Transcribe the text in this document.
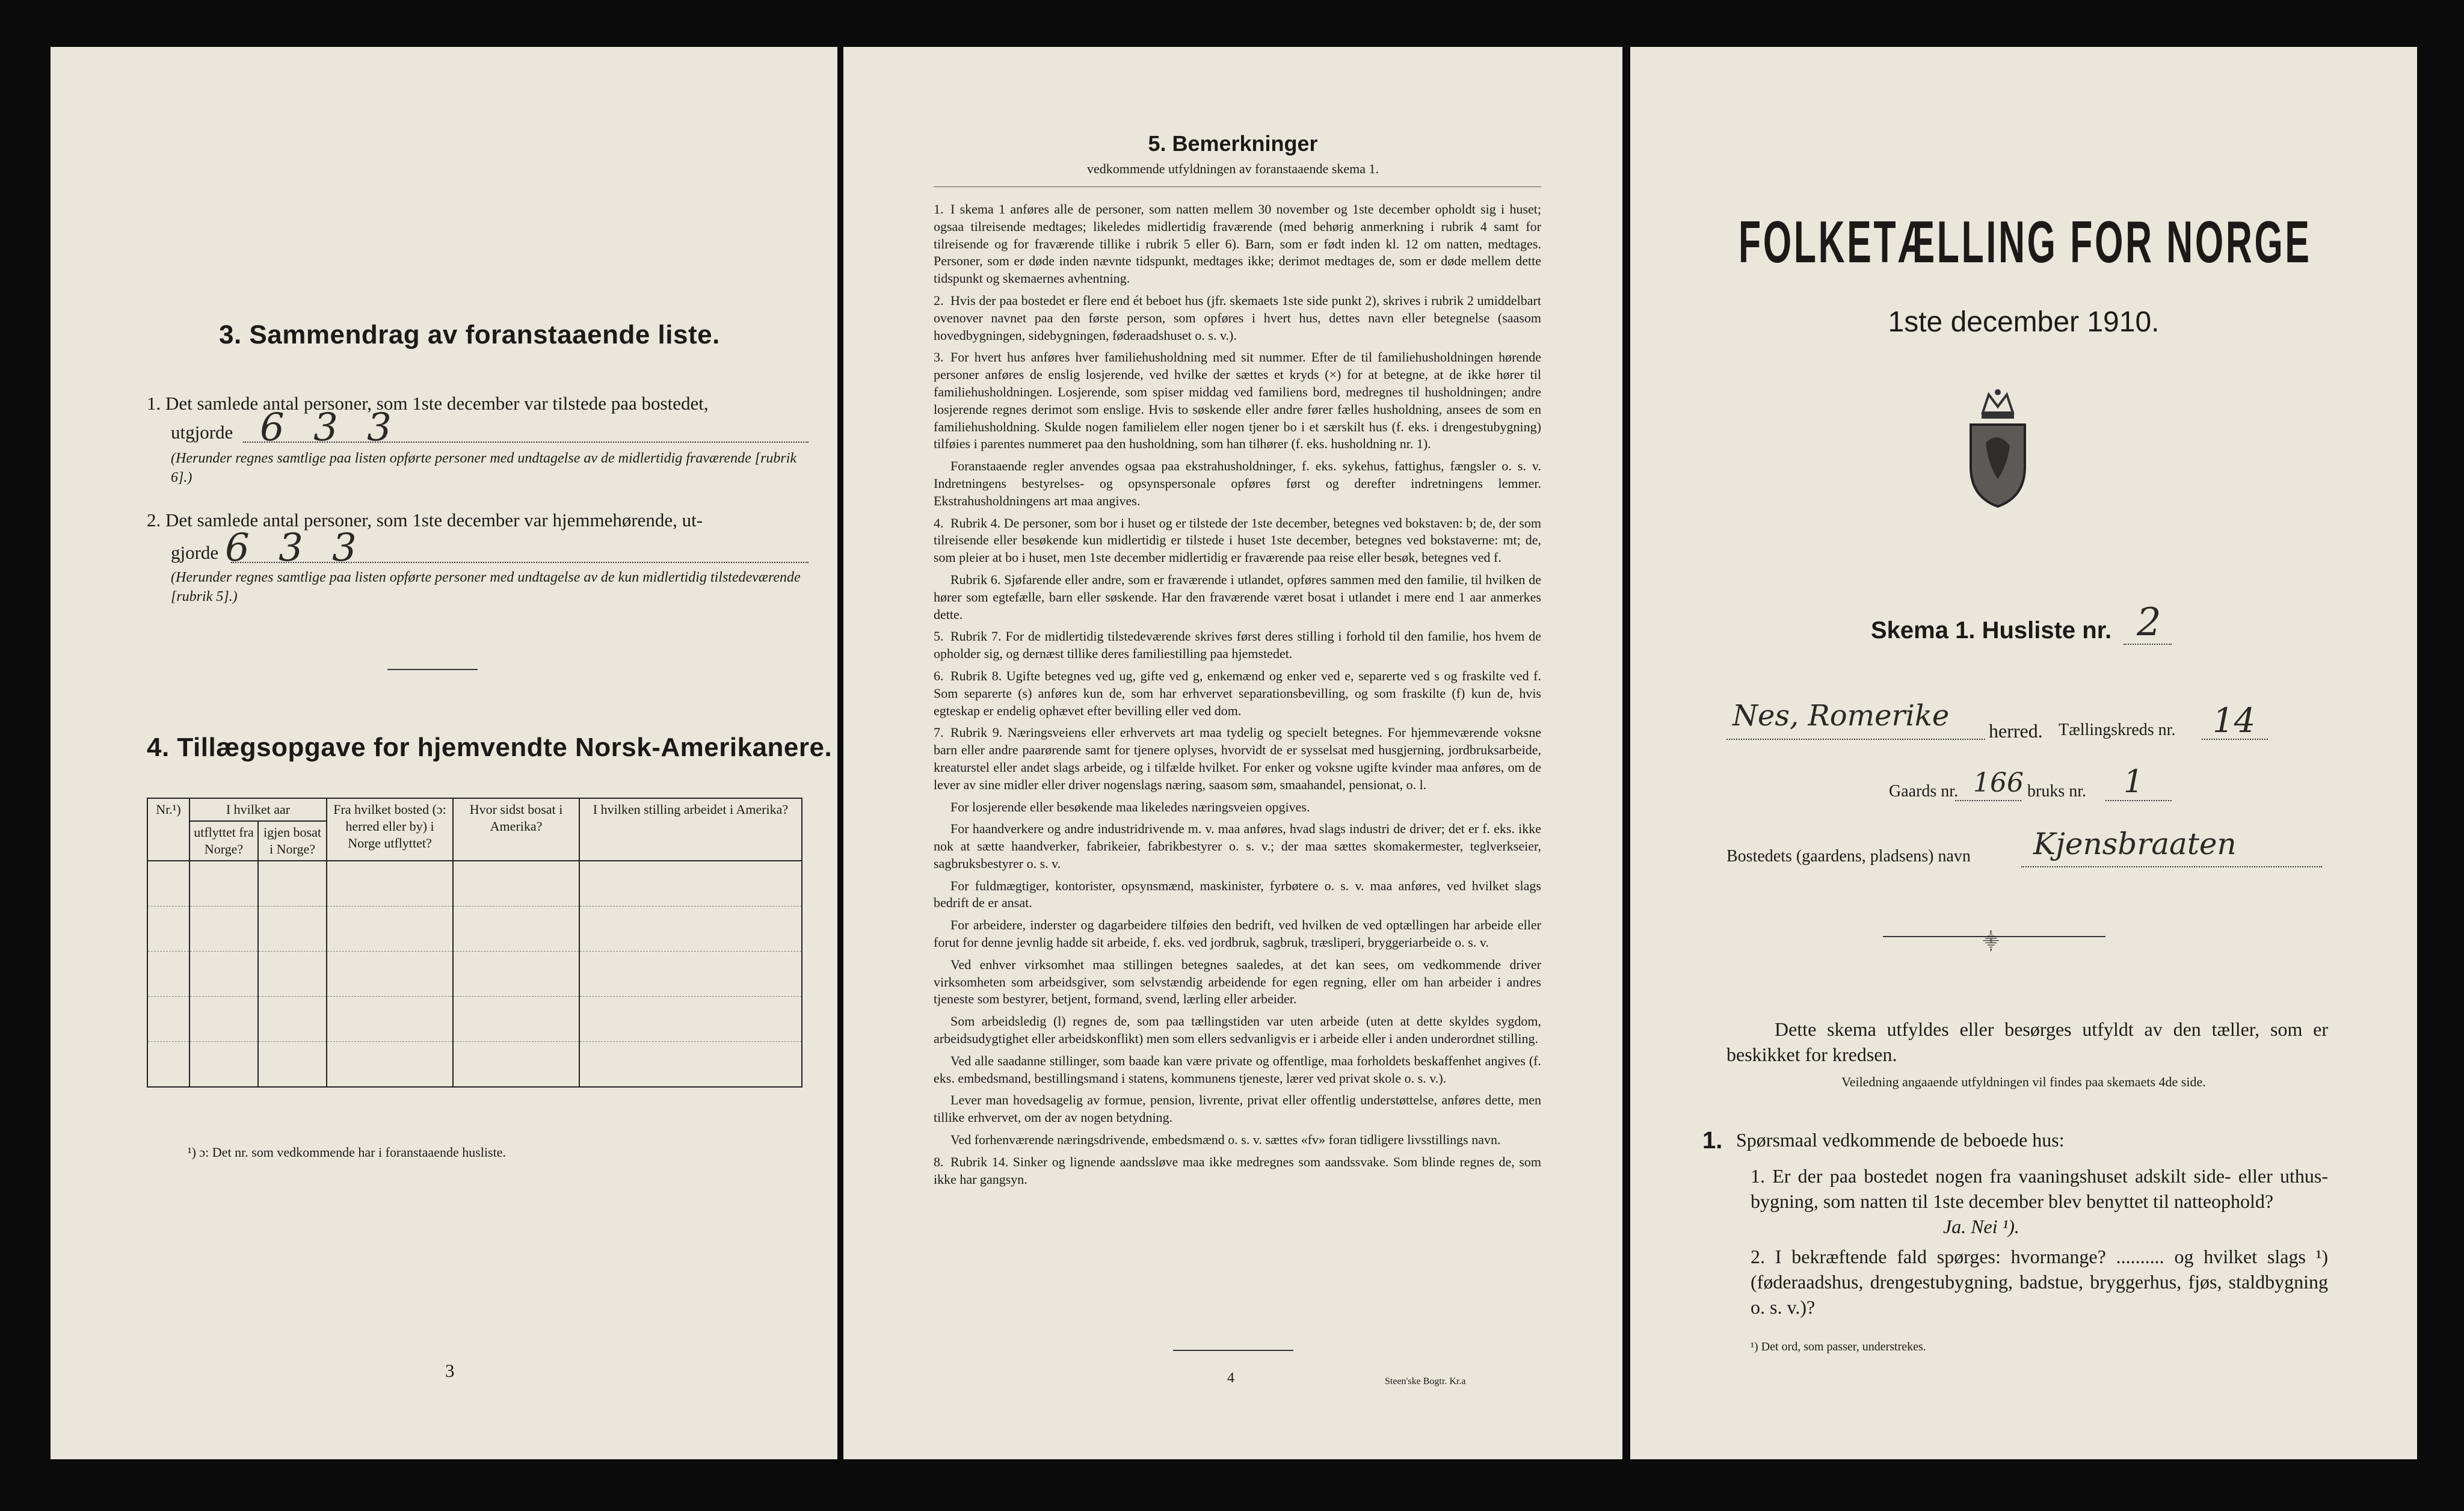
3. Sammendrag av foranstaaende liste.
1. Det samlede antal personer, som 1ste december var tilstede paa bostedet,
utgjorde 6 3 3
(Herunder regnes samtlige paa listen opførte personer med undtagelse av de midlertidig fraværende [rubrik 6].)
2. Det samlede antal personer, som 1ste december var hjemmehørende, ut-
gjorde 6 3 3
(Herunder regnes samtlige paa listen opførte personer med undtagelse av de kun midlertidig tilstedeværende [rubrik 5].)
4. Tillægsopgave for hjemvendte Norsk-Amerikanere.
Nr.¹)	I hvilket aar		Fra hvilket bosted (ɔ: herred eller by) i Norge utflyttet?	Hvor sidst bosat i Amerika?	I hvilken stilling arbeidet i Amerika?
	utflyttet fra Norge?	igjen bosat i Norge?			

¹) ɔ: Det nr. som vedkommende har i foranstaaende husliste.
3
5. Bemerkninger
vedkommende utfyldningen av foranstaaende skema 1.

1. I skema 1 anføres alle de personer, som natten mellem 30 november og 1ste december opholdt sig i huset; ogsaa tilreisende medtages; likeledes midlertidig fraværende (med behørig anmerkning i rubrik 4 samt for tilreisende og for fraværende tillike i rubrik 5 eller 6). Barn, som er født inden kl. 12 om natten, medtages. Personer, som er døde inden nævnte tidspunkt, medtages ikke; derimot medtages de, som er døde mellem dette tidspunkt og skemaernes avhentning.

2. Hvis der paa bostedet er flere end ét beboet hus (jfr. skemaets 1ste side punkt 2), skrives i rubrik 2 umiddelbart ovenover navnet paa den første person, som opføres i hvert hus, dettes navn eller betegnelse (saasom hovedbygningen, sidebygningen, føderaadshuset o. s. v.).

3. For hvert hus anføres hver familiehusholdning med sit nummer. Efter de til familiehusholdningen hørende personer anføres de enslig losjerende, ved hvilke der sættes et kryds (×) for at betegne, at de ikke hører til familiehusholdningen. Losjerende, som spiser middag ved familiens bord, medregnes til husholdningen; andre losjerende regnes derimot som enslige. Hvis to søskende eller andre fører fælles husholdning, ansees de som en familiehusholdning. Skulde nogen familielem eller nogen tjener bo i et særskilt hus (f. eks. i drengestubygning) tilføies i parentes nummeret paa den husholdning, som han tilhører (f. eks. husholdning nr. 1).

Foranstaaende regler anvendes ogsaa paa ekstrahusholdninger, f. eks. sykehus, fattighus, fængsler o. s. v. Indretningens bestyrelses- og opsynspersonale opføres først og derefter indretningens lemmer. Ekstrahusholdningens art maa angives.

4. Rubrik 4. De personer, som bor i huset og er tilstede der 1ste december, betegnes ved bokstaven: b; de, der som tilreisende eller besøkende kun midlertidig er tilstede i huset 1ste december, betegnes ved bokstaverne: mt; de, som pleier at bo i huset, men 1ste december midlertidig er fraværende paa reise eller besøk, betegnes ved f.

Rubrik 6. Sjøfarende eller andre, som er fraværende i utlandet, opføres sammen med den familie, til hvilken de hører som egtefælle, barn eller søskende. Har den fraværende været bosat i utlandet i mere end 1 aar anmerkes dette.

5. Rubrik 7. For de midlertidig tilstedeværende skrives først deres stilling i forhold til den familie, hos hvem de opholder sig, og dernæst tillike deres familiestilling paa hjemstedet.

6. Rubrik 8. Ugifte betegnes ved ug, gifte ved g, enkemænd og enker ved e, separerte ved s og fraskilte ved f. Som separerte (s) anføres kun de, som har erhvervet separationsbevilling, og som fraskilte (f) kun de, hvis egteskap er endelig ophævet efter bevilling eller ved dom.

7. Rubrik 9. Næringsveiens eller erhvervets art maa tydelig og specielt betegnes. For hjemmeværende voksne barn eller andre paarørende samt for tjenere oplyses, hvorvidt de er sysselsat med husgjerning, jordbruksarbeide, kreaturstel eller andet slags arbeide, og i tilfælde hvilket. For enker og voksne ugifte kvinder maa anføres, om de lever av sine midler eller driver nogenslags næring, saasom søm, smaahandel, pensionat, o. l.

For losjerende eller besøkende maa likeledes næringsveien opgives.

For haandverkere og andre industridrivende m. v. maa anføres, hvad slags industri de driver; det er f. eks. ikke nok at sætte haandverker, fabrikeier, fabrikbestyrer o. s. v.; der maa sættes skomakermester, teglverkseier, sagbruksbestyrer o. s. v.

For fuldmægtiger, kontorister, opsynsmænd, maskinister, fyrbøtere o. s. v. maa anføres, ved hvilket slags bedrift de er ansat.

For arbeidere, inderster og dagarbeidere tilføies den bedrift, ved hvilken de ved optællingen har arbeide eller forut for denne jevnlig hadde sit arbeide, f. eks. ved jordbruk, sagbruk, træsliperi, bryggeriarbeide o. s. v.

Ved enhver virksomhet maa stillingen betegnes saaledes, at det kan sees, om vedkommende driver virksomheten som arbeidsgiver, som selvstændig arbeidende for egen regning, eller om han arbeider i andres tjeneste som bestyrer, betjent, formand, svend, lærling eller arbeider.

Som arbeidsledig (l) regnes de, som paa tællingstiden var uten arbeide (uten at dette skyldes sygdom, arbeidsudygtighet eller arbeidskonflikt) men som ellers sedvanligvis er i arbeide eller i anden underordnet stilling.

Ved alle saadanne stillinger, som baade kan være private og offentlige, maa forholdets beskaffenhet angives (f. eks. embedsmand, bestillingsmand i statens, kommunens tjeneste, lærer ved privat skole o. s. v.).

Lever man hovedsagelig av formue, pension, livrente, privat eller offentlig understøttelse, anføres dette, men tillike erhvervet, om der av nogen betydning.

Ved forhenværende næringsdrivende, embedsmænd o. s. v. sættes «fv» foran tidligere livsstillings navn.

8. Rubrik 14. Sinker og lignende aandssløve maa ikke medregnes som aandssvake. Som blinde regnes de, som ikke har gangsyn.

4	Steen'ske Bogtr. Kr.a
FOLKETÆLLING FOR NORGE
1ste december 1910.
Skema 1. Husliste nr. 2
Nes, Romerike herred. Tællingskreds nr. 14
Gaards nr. 166 bruks nr. 1
Bostedets (gaardens, pladsens) navn Kjensbraaten
⸎
Dette skema utfyldes eller besørges utfyldt av den tæller, som er beskikket for kredsen.
Veiledning angaaende utfyldningen vil findes paa skemaets 4de side.
1. Spørsmaal vedkommende de beboede hus:
1. Er der paa bostedet nogen fra vaaningshuset adskilt side- eller uthus-bygning, som natten til 1ste december blev benyttet til natteophold?
Ja. Nei ¹).
2. I bekræftende fald spørges: hvormange? .......... og hvilket slags ¹) (føderaadshus, drengestubygning, badstue, bryggerhus, fjøs, staldbygning o. s. v.)?
¹) Det ord, som passer, understrekes.
